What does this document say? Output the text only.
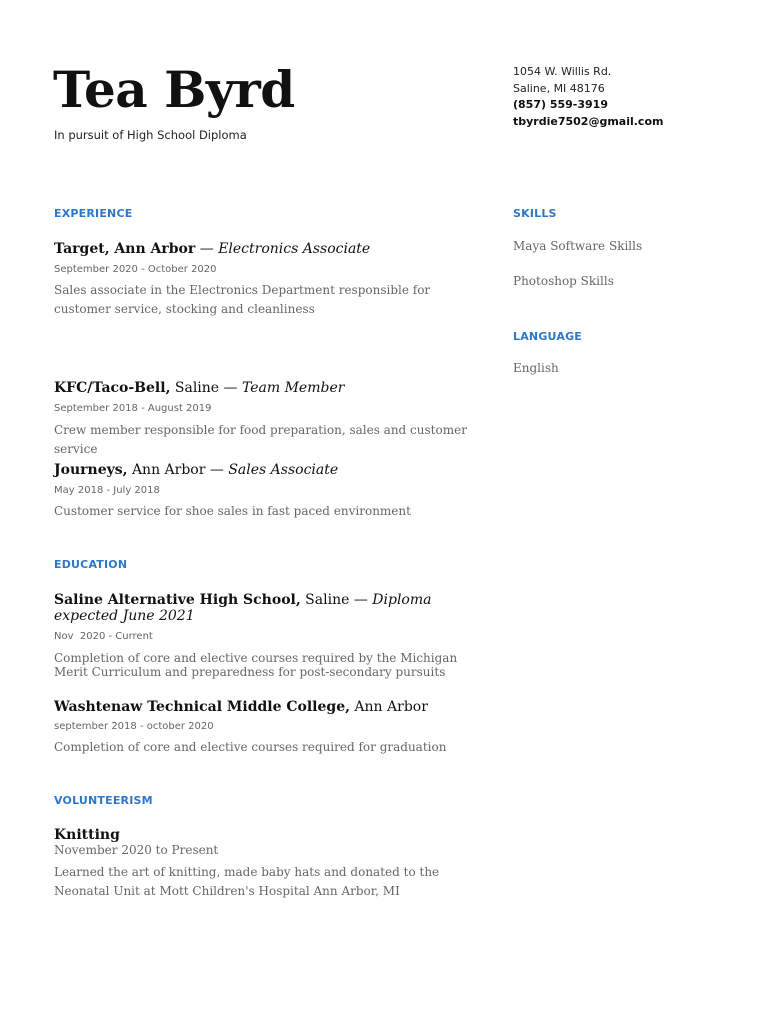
Tea Byrd
In pursuit of High School Diploma
1054 W. Willis Rd.
Saline, MI 48176
(857) 559-3919
tbyrdie7502@gmail.com
EXPERIENCE
Target, Ann Arbor — Electronics Associate
September 2020 - October 2020
Sales associate in the Electronics Department responsible for customer service, stocking and cleanliness
KFC/Taco-Bell, Saline — Team Member
September 2018 - August 2019
Crew member responsible for food preparation, sales and customer service
Journeys, Ann Arbor — Sales Associate
May 2018 - July 2018
Customer service for shoe sales in fast paced environment
EDUCATION
Saline Alternative High School, Saline — Diploma expected June 2021
Nov  2020 - Current
Completion of core and elective courses required by the Michigan Merit Curriculum and preparedness for post-secondary pursuits
Washtenaw Technical Middle College, Ann Arbor
september 2018 - october 2020
Completion of core and elective courses required for graduation
VOLUNTEERISM
Knitting
November 2020 to Present
Learned the art of knitting, made baby hats and donated to the Neonatal Unit at Mott Children's Hospital Ann Arbor, MI
SKILLS
Maya Software Skills
Photoshop Skills
LANGUAGE
English
